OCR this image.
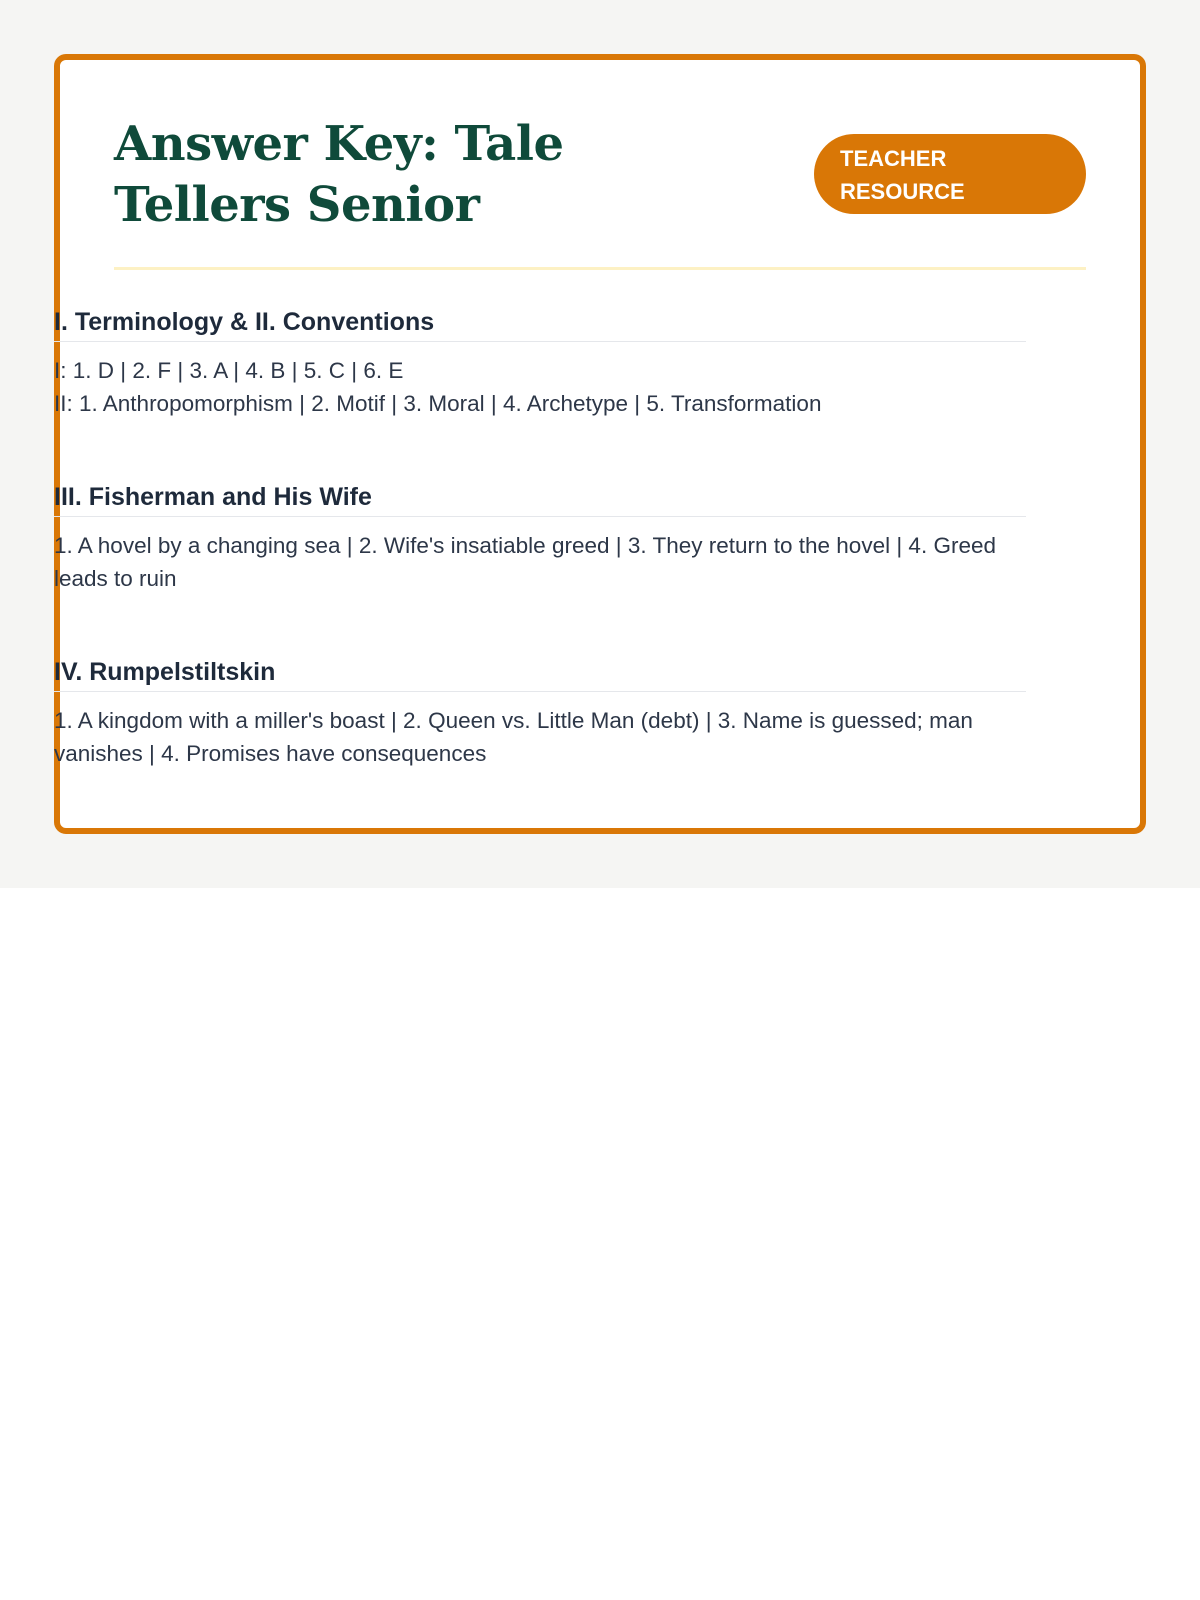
Answer Key: Tale Tellers Senior
TEACHER RESOURCE
I. Terminology & II. Conventions
I: 1. D | 2. F | 3. A | 4. B | 5. C | 6. E
II: 1. Anthropomorphism | 2. Motif | 3. Moral | 4. Archetype | 5. Transformation
III. Fisherman and His Wife
1. A hovel by a changing sea | 2. Wife's insatiable greed | 3. They return to the hovel | 4. Greed leads to ruin
IV. Rumpelstiltskin
1. A kingdom with a miller's boast | 2. Queen vs. Little Man (debt) | 3. Name is guessed; man vanishes | 4. Promises have consequences
